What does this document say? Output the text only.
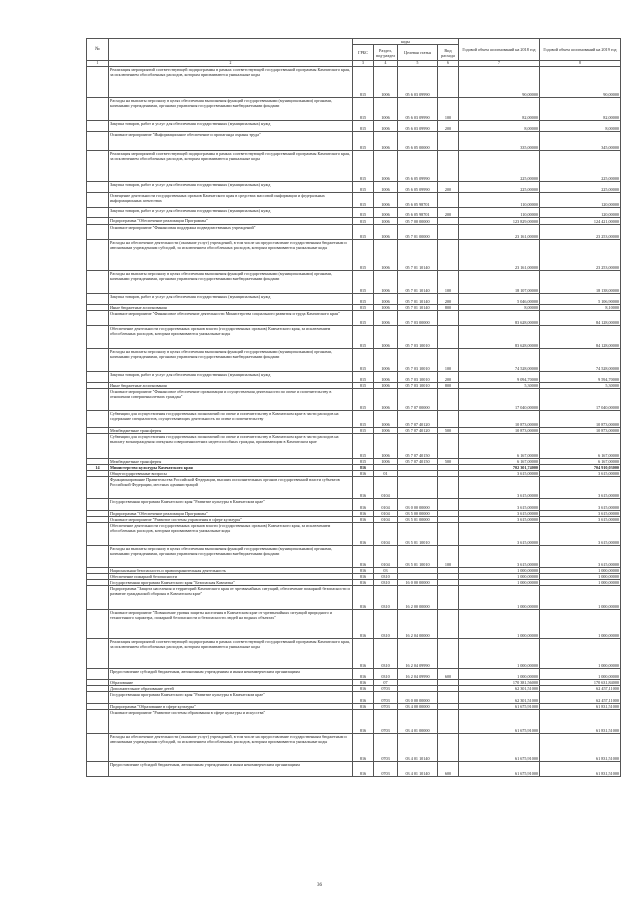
№		коды				Годовой объем ассигнований на 2018 год	Годовой объем ассигнований на 2019 год
		ГРБС	Раздел, под-раздел	Целевая статья	Вид расхода		
1	2	3	4	5	6	7	8
	Реализация мероприятий соответствующей подпрограммы в рамках соответствующей государственной программы Камчатского края, за исключением обособленных расходов, которым присваиваются уникальные коды	815	1006	05 6 03 09990		90,00000	90,00000
	Расходы на выплаты персоналу в целях обеспечения выполнения функций государственными (муниципальными) органами, казенными учреждениями, органами управления государственными внебюджетными фондами	815	1006	05 6 03 09990	100	82,00000	82,00000
	Закупка товаров, работ и услуг для обеспечения государственных (муниципальных) нужд	815	1006	05 6 03 09990	200	8,00000	8,00000
	Основное мероприятие "Информационное обеспечение и пропаганда охраны труда"	815	1006	05 6 05 00000		335,00000	345,00000
	Реализация мероприятий соответствующей подпрограммы в рамках соответствующей государственной программы Камчатского края, за исключением обособленных расходов, которым присваиваются уникальные коды	815	1006	05 6 05 09990		225,00000	225,00000
	Закупка товаров, работ и услуг для обеспечения государственных (муниципальных) нужд	815	1006	05 6 05 09990	200	225,00000	225,00000
	Освещение деятельности государственных органов Камчатского края в средствах массовой информации и федеральных информационных агентствах	815	1006	05 6 05 98701		110,00000	120,00000
	Закупка товаров, работ и услуг для обеспечения государственных (муниципальных) нужд	815	1006	05 6 05 98701	200	110,00000	120,00000
	Подпрограмма "Обеспечение реализации Программы"	815	1006	05 7 00 00000		123 829,00000	124 421,00000
	Основное мероприятие "Финансовая поддержка подведомственных учреждений"	815	1006	05 7 01 00000		23 161,00000	23 253,00000
	Расходы на обеспечение деятельности (оказание услуг) учреждений, в том числе на предоставление государственным бюджетным и автономным учреждениям субсидий, за исключением обособленных расходов, которым присваиваются уникальные коды	815	1006	05 7 01 10140		23 161,00000	23 253,00000
	Расходы на выплаты персоналу в целях обеспечения выполнения функций государственными (муниципальными) органами, казенными учреждениями, органами управления государственными внебюджетными фондами	815	1006	05 7 01 10140	100	18 107,00000	18 138,00000
	Закупка товаров, работ и услуг для обеспечения государственных (муниципальных) нужд	815	1006	05 7 01 10140	200	5 046,00000	5 106,90000
	Иные бюджетные ассигнования	815	1006	05 7 01 10140	800	8,00000	8,10000
	Основное мероприятие "Финансовое обеспечение деятельности Министерства социального развития и труда Камчатского края"	815	1006	05 7 03 00000		83 628,00000	84 128,00000
	Обеспечение деятельности государственных органов власти (государственных органов) Камчатского края, за исключением обособленных расходов, которым присваиваются уникальные коды	815	1006	05 7 03 10010		83 628,00000	84 128,00000
	Расходы на выплаты персоналу в целях обеспечения выполнения функций государственными (муниципальными) органами, казенными учреждениями, органами управления государственными внебюджетными фондами	815	1006	05 7 03 10010	100	74 528,00000	74 528,00000
	Закупка товаров, работ и услуг для обеспечения государственных (муниципальных) нужд	815	1006	05 7 03 10010	200	9 094,70000	9 594,70000
	Иные бюджетные ассигнования	815	1006	05 7 03 10010	800	5,30000	5,30000
	Основное мероприятие "Финансовое обеспечение организации и осуществления деятельности по опеке и попечительству в отношении совершеннолетних граждан"	815	1006	05 7 07 00000		17 040,00000	17 040,00000
	Субвенции для осуществления государственных полномочий по опеке и попечительству в Камчатском крае в части расходов на содержание специалистов, осуществляющих деятельность по опеке и попечительству	815	1006	05 7 07 40120		10 873,00000	10 873,00000
	Межбюджетные трансферты	815	1006	05 7 07 40120	500	10 873,00000	10 873,00000
	Субвенции для осуществления государственных полномочий по опеке и попечительству в Камчатском крае в части расходов на выплату вознаграждения опекунам совершеннолетних недееспособных граждан, проживающим в Камчатском крае	815	1006	05 7 07 40150		6 167,00000	6 167,00000
	Межбюджетные трансферты	815	1006	05 7 07 40150	500	6 167,00000	6 167,00000
14	Министерство культуры Камчатского края	816				702 301,74000	704 910,03000
	Общегосударственные вопросы	816	01			3 615,00000	3 615,00000
	Функционирование Правительства Российской Федерации, высших исполнительных органов государственной власти субъектов Российской Федерации, местных администраций	816	0104			3 615,00000	3 615,00000
	Государственная программа Камчатского края "Развитие культуры в Камчатском крае"	816	0104	03 0 00 00000		3 615,00000	3 615,00000
	Подпрограмма "Обеспечение реализации Программы"	816	0104	03 5 00 00000		3 615,00000	3 615,00000
	Основное мероприятие "Развитие системы управления в сфере культуры"	816	0104	03 5 01 00000		3 615,00000	3 615,00000
	Обеспечение деятельности государственных органов власти (государственных органов) Камчатского края, за исключением обособленных расходов, которым присваиваются уникальные коды	816	0104	03 5 01 10010		3 615,00000	3 615,00000
	Расходы на выплаты персоналу в целях обеспечения выполнения функций государственными (муниципальными) органами, казенными учреждениями, органами управления государственными внебюджетными фондами	816	0104	03 5 01 10010	100	3 615,00000	3 615,00000
	Национальная безопасность и правоохранительная деятельность	816	03			1 000,00000	1 000,00000
	Обеспечение пожарной безопасности	816	0310			1 000,00000	1 000,00000
	Государственная программа Камчатского края "Безопасная Камчатка"	816	0310	16 0 00 00000		1 000,00000	1 000,00000
	Подпрограмма "Защита населения и территорий Камчатского края от чрезвычайных ситуаций, обеспечение пожарной безопасности и развитие гражданской обороны в Камчатском крае"	816	0310	16 2 00 00000		1 000,00000	1 000,00000
	Основное мероприятие "Повышение уровня защиты населения в Камчатском крае от чрезвычайных ситуаций природного и техногенного характера, пожарной безопасности и безопасности людей на водных объектах"	816	0310	16 2 04 00000		1 000,00000	1 000,00000
	Реализация мероприятий соответствующей подпрограммы в рамках соответствующей государственной программы Камчатского края, за исключением обособленных расходов, которым присваиваются уникальные коды	816	0310	16 2 04 09990		1 000,00000	1 000,00000
	Предоставление субсидий бюджетным, автономным учреждениям и иным некоммерческим организациям	816	0310	16 2 04 09990	600	1 000,00000	1 000,00000
	Образование	816	07			170 381,56000	170 631,84000
	Дополнительное образование детей	816	0703			62 301,51000	62 457,11000
	Государственная программа Камчатского края "Развитие культуры в Камчатском крае"	816	0703	03 0 00 00000		62 301,51000	62 457,11000
	Подпрограмма "Образование в сфере культуры"	816	0703	03 4 00 00000		61 675,91000	61 831,51000
	Основное мероприятие "Развитие системы образования в сфере культуры и искусства"	816	0703	03 4 01 00000		61 675,91000	61 831,51000
	Расходы на обеспечение деятельности (оказание услуг) учреждений, в том числе на предоставление государственным бюджетным и автономным учреждениям субсидий, за исключением обособленных расходов, которым присваиваются уникальные коды	816	0703	03 4 01 10140		61 675,91000	61 831,51000
	Предоставление субсидий бюджетным, автономным учреждениям и иным некоммерческим организациям	816	0703	03 4 01 10140	600	61 675,91000	61 831,51000
36
